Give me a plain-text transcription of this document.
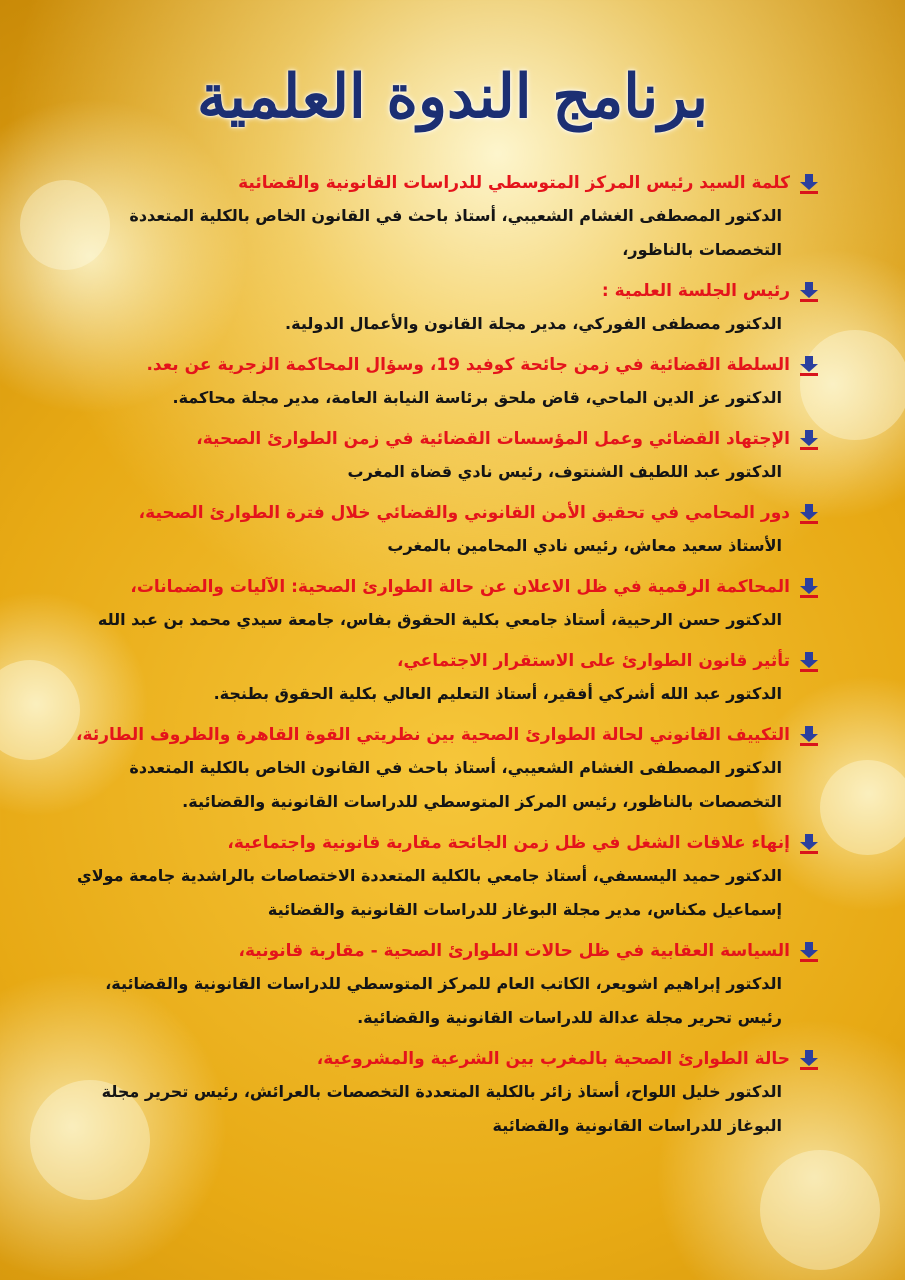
برنامج الندوة العلمية
كلمة السيد رئيس المركز المتوسطي للدراسات القانونية والقضائية
الدكتور المصطفى الغشام الشعيبي، أستاذ باحث في القانون الخاص بالكلية المتعددة التخصصات بالناظور،
رئيس الجلسة العلمية :
الدكتور مصطفى الفوركي، مدير مجلة القانون والأعمال الدولية.
السلطة القضائية في زمن جائحة كوفيد 19، وسؤال المحاكمة الزجرية عن بعد.
الدكتور عز الدين الماحي، قاض ملحق برئاسة النيابة العامة، مدير مجلة محاكمة.
الإجتهاد القضائي وعمل المؤسسات القضائية في زمن الطوارئ الصحية،
الدكتور عبد اللطيف الشنتوف، رئيس نادي قضاة المغرب
دور المحامي في تحقيق الأمن القانوني والقضائي خلال فترة الطوارئ الصحية،
الأستاذ سعيد معاش، رئيس نادي المحامين بالمغرب
المحاكمة الرقمية في ظل الاعلان عن حالة الطوارئ الصحية: الآليات والضمانات،
الدكتور حسن الرحيية، أستاذ جامعي بكلية الحقوق بفاس، جامعة سيدي محمد بن عبد الله
تأثير قانون الطوارئ على الاستقرار الاجتماعي،
الدكتور عبد الله أشركي أفقير، أستاذ التعليم العالي بكلية الحقوق بطنجة.
التكييف القانوني لحالة الطوارئ الصحية بين نظريتي القوة القاهرة والظروف الطارئة،
الدكتور المصطفى الغشام الشعيبي، أستاذ باحث في القانون الخاص بالكلية المتعددة التخصصات بالناظور، رئيس المركز المتوسطي للدراسات القانونية والقضائية.
إنهاء علاقات الشغل في ظل زمن الجائحة مقاربة قانونية واجتماعية،
الدكتور حميد اليسسفي، أستاذ جامعي بالكلية المتعددة الاختصاصات بالراشدية جامعة مولاي إسماعيل مكناس، مدير مجلة البوغاز للدراسات القانونية والقضائية
السياسة العقابية في ظل حالات الطوارئ الصحية - مقاربة قانونية،
الدكتور إبراهيم اشويعر، الكاتب العام للمركز المتوسطي للدراسات القانونية والقضائية، رئيس تحرير مجلة عدالة للدراسات القانونية والقضائية.
حالة الطوارئ الصحية بالمغرب بين الشرعية والمشروعية،
الدكتور خليل اللواح، أستاذ زائر بالكلية المتعددة التخصصات بالعرائش، رئيس تحرير مجلة البوغاز للدراسات القانونية والقضائية
